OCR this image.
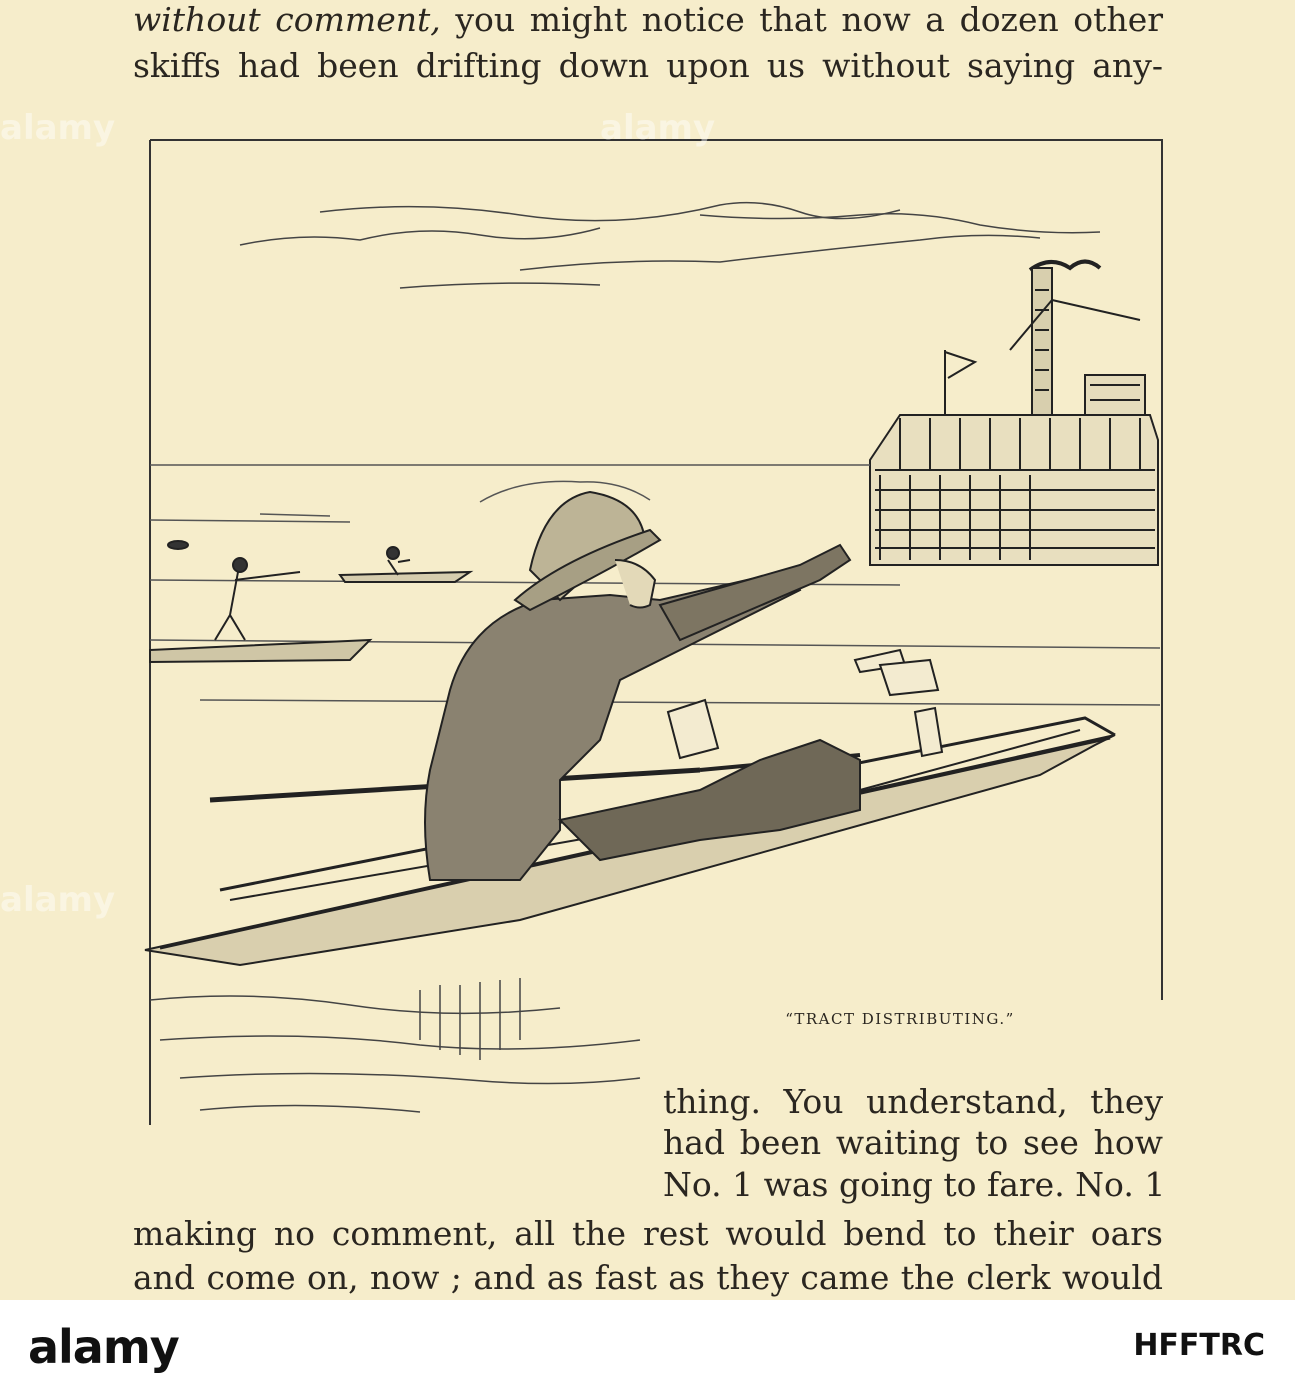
without comment, you might notice that now a dozen other
skiffs had been drifting down upon us without saying any-
“TRACT DISTRIBUTING.”
thing. You understand, they
had been waiting to see how
No. 1 was going to fare. No. 1
making no comment, all the rest would bend to their oars
and come on, now ; and as fast as they came the clerk would
alamy	alamy
alamy
alamy	HFFTRC
